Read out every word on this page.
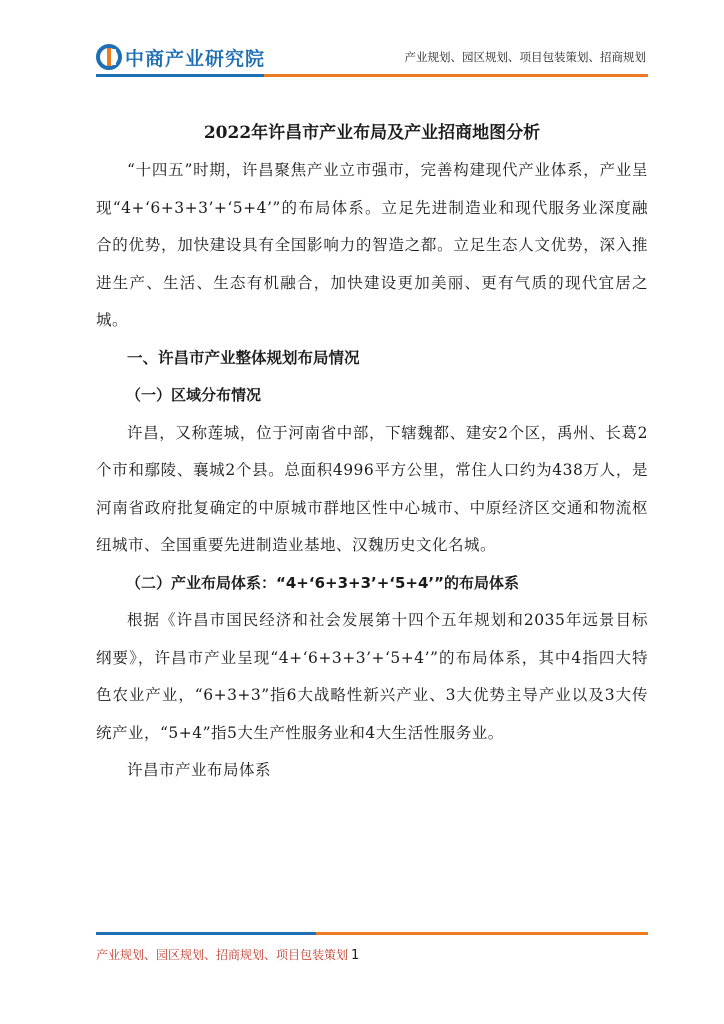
中商产业研究院	产业规划、园区规划、项目包装策划、招商规划
2022年许昌市产业布局及产业招商地图分析

“十四五”时期，许昌聚焦产业立市强市，完善构建现代产业体系，产业呈现“4+‘6+3+3’+‘5+4’”的布局体系。立足先进制造业和现代服务业深度融合的优势，加快建设具有全国影响力的智造之都。立足生态人文优势，深入推进生产、生活、生态有机融合，加快建设更加美丽、更有气质的现代宜居之城。

一、许昌市产业整体规划布局情况

（一）区域分布情况

许昌，又称莲城，位于河南省中部，下辖魏都、建安2个区，禹州、长葛2个市和鄢陵、襄城2个县。总面积4996平方公里，常住人口约为438万人，是河南省政府批复确定的中原城市群地区性中心城市、中原经济区交通和物流枢纽城市、全国重要先进制造业基地、汉魏历史文化名城。

（二）产业布局体系：“4+‘6+3+3’+‘5+4’”的布局体系

根据《许昌市国民经济和社会发展第十四个五年规划和2035年远景目标纲要》，许昌市产业呈现“4+‘6+3+3’+‘5+4’”的布局体系，其中4指四大特色农业产业，“6+3+3”指6大战略性新兴产业、3大优势主导产业以及3大传统产业，“5+4”指5大生产性服务业和4大生活性服务业。

许昌市产业布局体系

产业规划、园区规划、招商规划、项目包装策划 1
